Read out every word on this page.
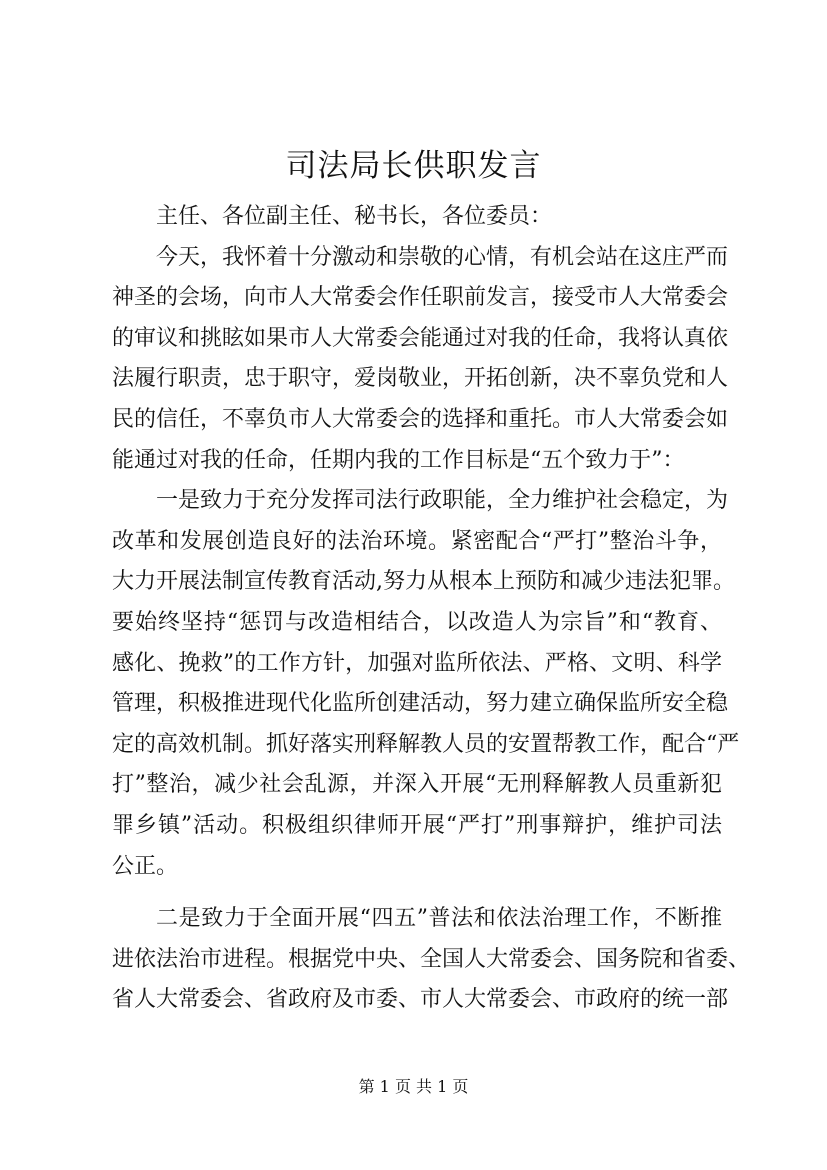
司法局长供职发言
主任、各位副主任、秘书长，各位委员：
今天，我怀着十分激动和崇敬的心情，有机会站在这庄严而
神圣的会场，向市人大常委会作任职前发言，接受市人大常委会
的审议和挑眩如果市人大常委会能通过对我的任命，我将认真依
法履行职责，忠于职守，爱岗敬业，开拓创新，决不辜负党和人
民的信任，不辜负市人大常委会的选择和重托。市人大常委会如
能通过对我的任命，任期内我的工作目标是“五个致力于”：
一是致力于充分发挥司法行政职能，全力维护社会稳定，为
改革和发展创造良好的法治环境。紧密配合“严打”整治斗争，
大力开展法制宣传教育活动,努力从根本上预防和减少违法犯罪。
要始终坚持“惩罚与改造相结合，以改造人为宗旨”和“教育、
感化、挽救”的工作方针，加强对监所依法、严格、文明、科学
管理，积极推进现代化监所创建活动，努力建立确保监所安全稳
定的高效机制。抓好落实刑释解教人员的安置帮教工作，配合“严
打”整治，减少社会乱源，并深入开展“无刑释解教人员重新犯
罪乡镇”活动。积极组织律师开展“严打”刑事辩护，维护司法
公正。
二是致力于全面开展“四五”普法和依法治理工作，不断推
进依法治市进程。根据党中央、全国人大常委会、国务院和省委、
省人大常委会、省政府及市委、市人大常委会、市政府的统一部
第 1 页 共 1 页
